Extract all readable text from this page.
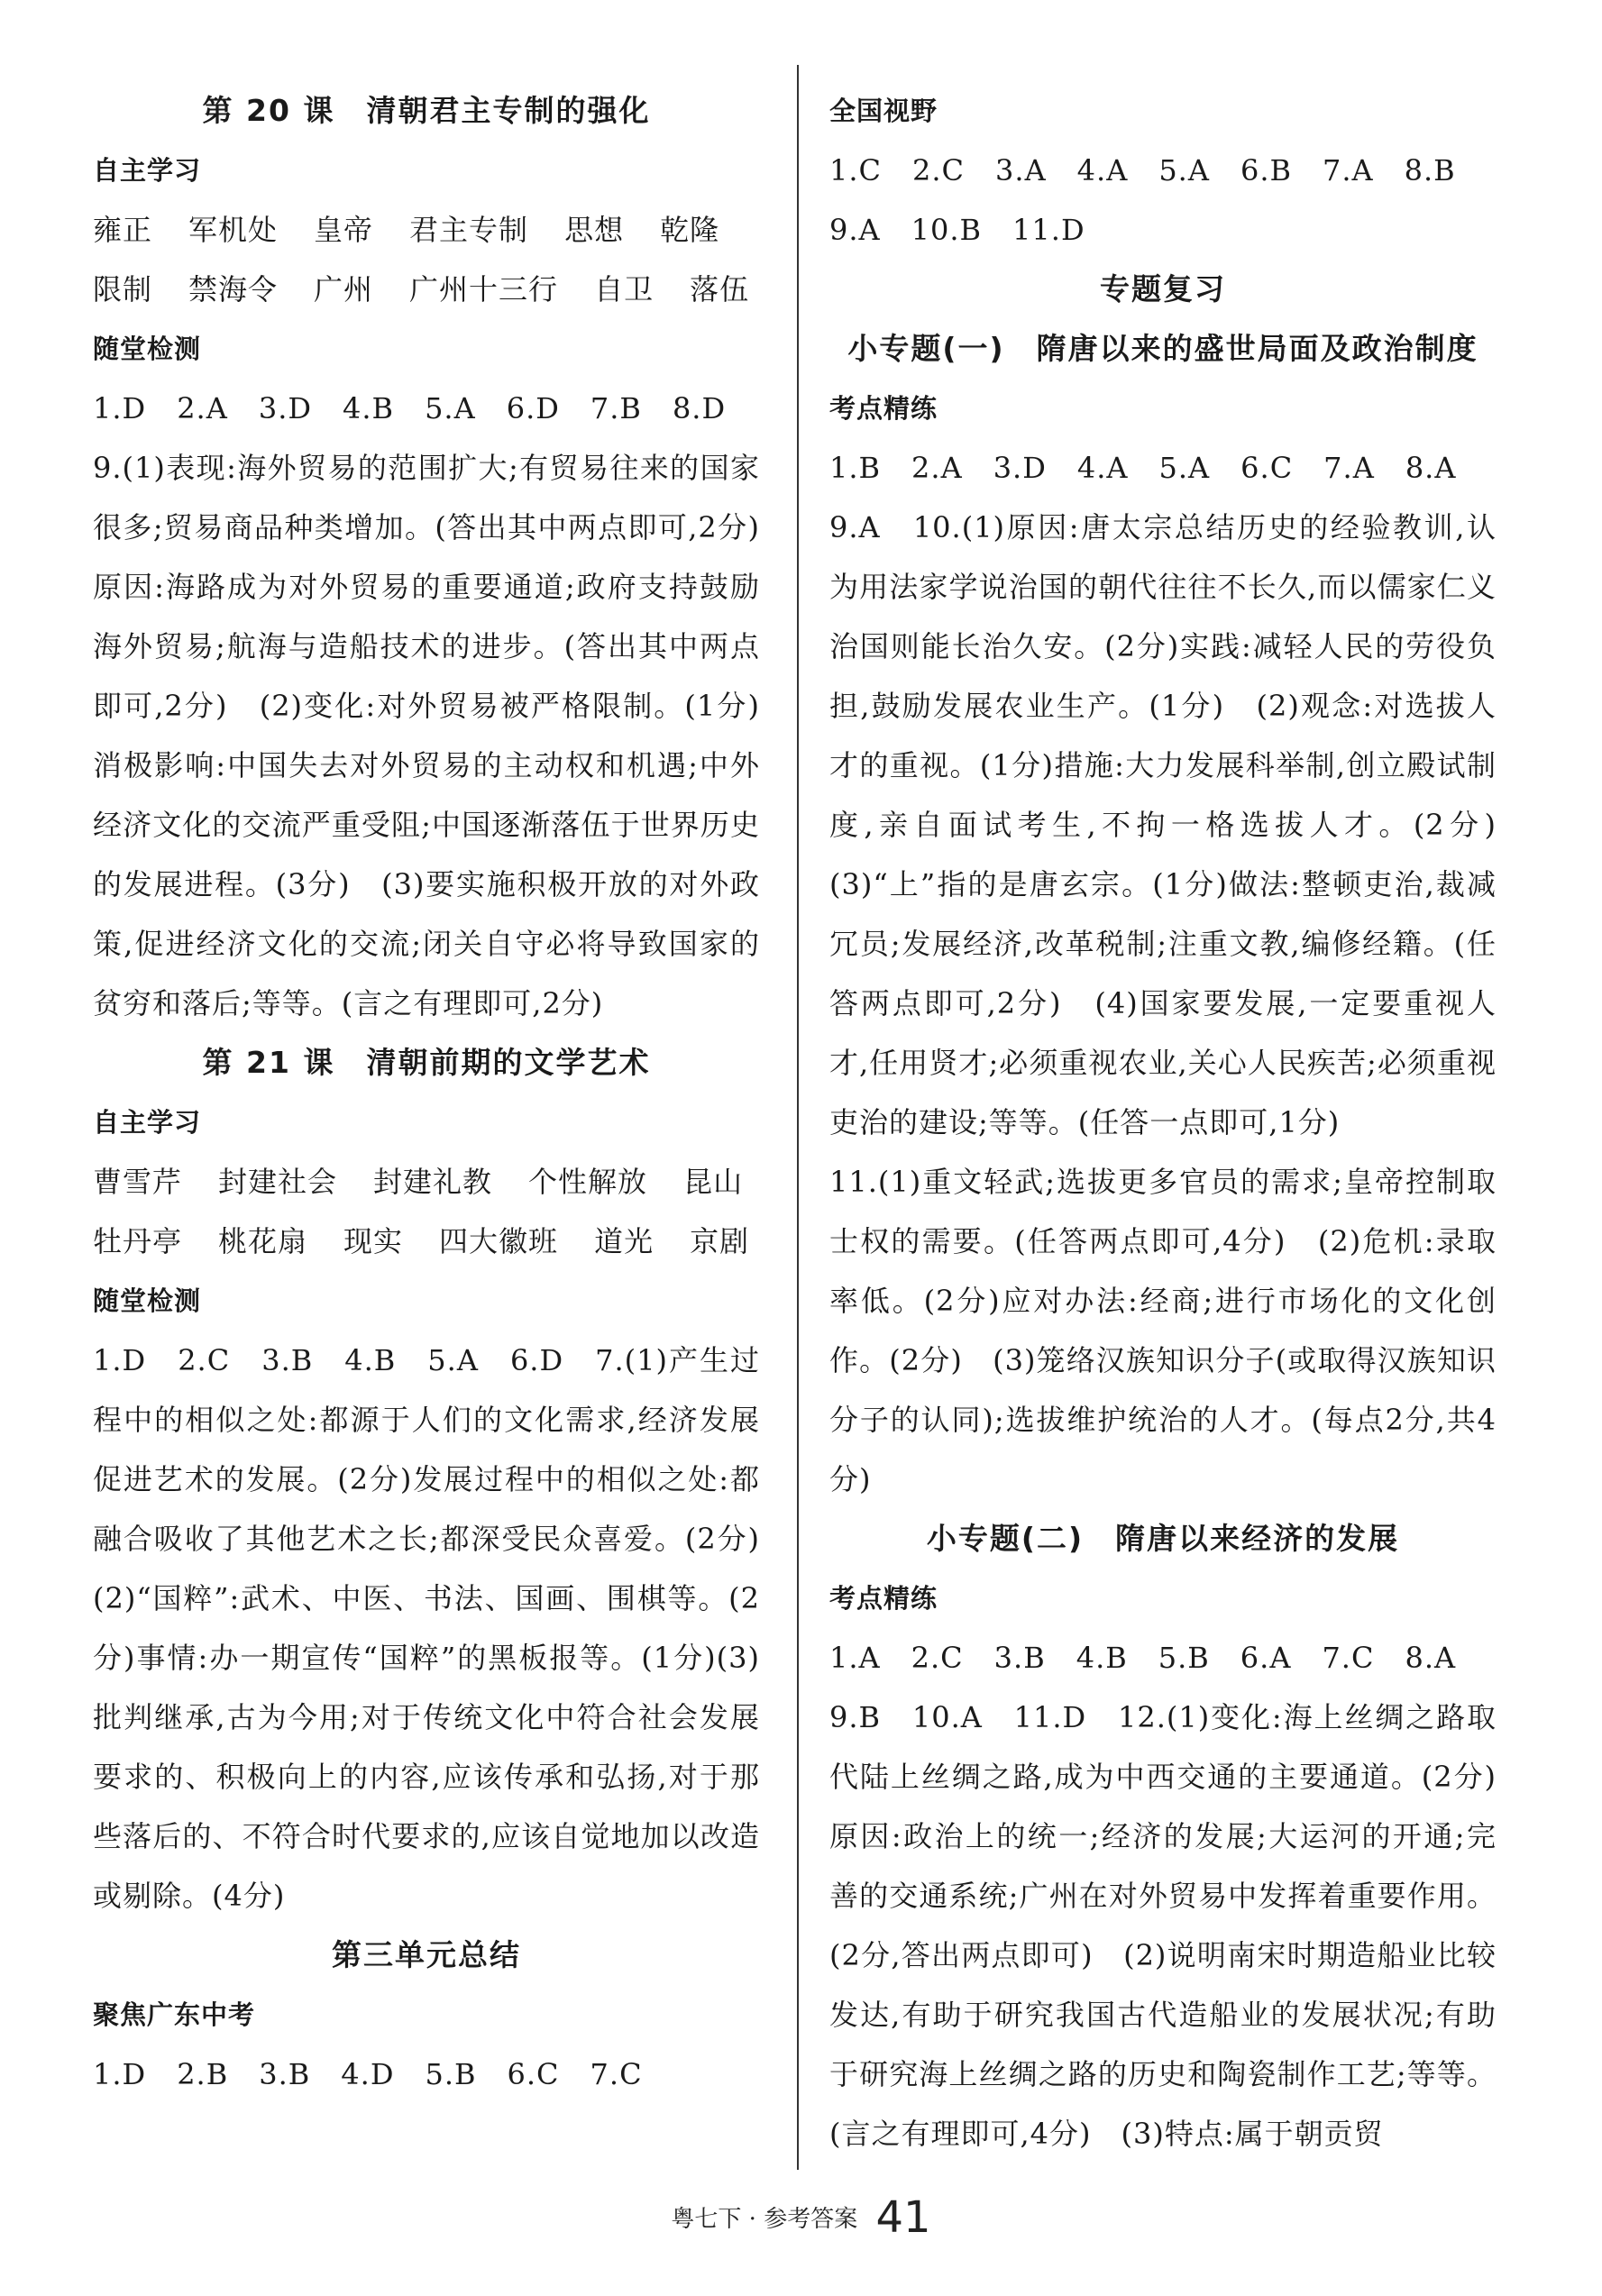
第 20 课　清朝君主专制的强化

自主学习

雍正 军机处 皇帝 君主专制 思想 乾隆

限制 禁海令 广州 广州十三行 自卫 落伍

随堂检测

1.D 2.A 3.D 4.B 5.A 6.D 7.B 8.D

9.(1)表现:海外贸易的范围扩大;有贸易往来的国家很多;贸易商品种类增加。(答出其中两点即可,2分)原因:海路成为对外贸易的重要通道;政府支持鼓励海外贸易;航海与造船技术的进步。(答出其中两点即可,2分)　(2)变化:对外贸易被严格限制。(1分)消极影响:中国失去对外贸易的主动权和机遇;中外经济文化的交流严重受阻;中国逐渐落伍于世界历史的发展进程。(3分)　(3)要实施积极开放的对外政策,促进经济文化的交流;闭关自守必将导致国家的贫穷和落后;等等。(言之有理即可,2分)

第 21 课　清朝前期的文学艺术

自主学习

曹雪芹 封建社会 封建礼教 个性解放 昆山

牡丹亭 桃花扇 现实 四大徽班 道光 京剧

随堂检测

1.D　2.C　3.B　4.B　5.A　6.D　7.(1)产生过程中的相似之处:都源于人们的文化需求,经济发展促进艺术的发展。(2分)发展过程中的相似之处:都融合吸收了其他艺术之长;都深受民众喜爱。(2分)(2)“国粹”:武术、中医、书法、国画、围棋等。(2分)事情:办一期宣传“国粹”的黑板报等。(1分)(3)批判继承,古为今用;对于传统文化中符合社会发展要求的、积极向上的内容,应该传承和弘扬,对于那些落后的、不符合时代要求的,应该自觉地加以改造或剔除。(4分)

第三单元总结

聚焦广东中考

1.D 2.B 3.B 4.D 5.B 6.C 7.C

全国视野

1.C 2.C 3.A 4.A 5.A 6.B 7.A 8.B

9.A 10.B 11.D

专题复习

小专题(一)　隋唐以来的盛世局面及政治制度

考点精练

1.B 2.A 3.D 4.A 5.A 6.C 7.A 8.A

9.A　10.(1)原因:唐太宗总结历史的经验教训,认为用法家学说治国的朝代往往不长久,而以儒家仁义治国则能长治久安。(2分)实践:减轻人民的劳役负担,鼓励发展农业生产。(1分)　(2)观念:对选拔人才的重视。(1分)措施:大力发展科举制,创立殿试制度,亲自面试考生,不拘一格选拔人才。(2分)(3)“上”指的是唐玄宗。(1分)做法:整顿吏治,裁减冗员;发展经济,改革税制;注重文教,编修经籍。(任答两点即可,2分)　(4)国家要发展,一定要重视人才,任用贤才;必须重视农业,关心人民疾苦;必须重视吏治的建设;等等。(任答一点即可,1分)

11.(1)重文轻武;选拔更多官员的需求;皇帝控制取士权的需要。(任答两点即可,4分)　(2)危机:录取率低。(2分)应对办法:经商;进行市场化的文化创作。(2分)　(3)笼络汉族知识分子(或取得汉族知识分子的认同);选拔维护统治的人才。(每点2分,共4分)

小专题(二)　隋唐以来经济的发展

考点精练

1.A 2.C 3.B 4.B 5.B 6.A 7.C 8.A

9.B　10.A　11.D　12.(1)变化:海上丝绸之路取代陆上丝绸之路,成为中西交通的主要通道。(2分)原因:政治上的统一;经济的发展;大运河的开通;完善的交通系统;广州在对外贸易中发挥着重要作用。(2分,答出两点即可)　(2)说明南宋时期造船业比较发达,有助于研究我国古代造船业的发展状况;有助于研究海上丝绸之路的历史和陶瓷制作工艺;等等。(言之有理即可,4分)　(3)特点:属于朝贡贸

粤七下 · 参考答案 41
